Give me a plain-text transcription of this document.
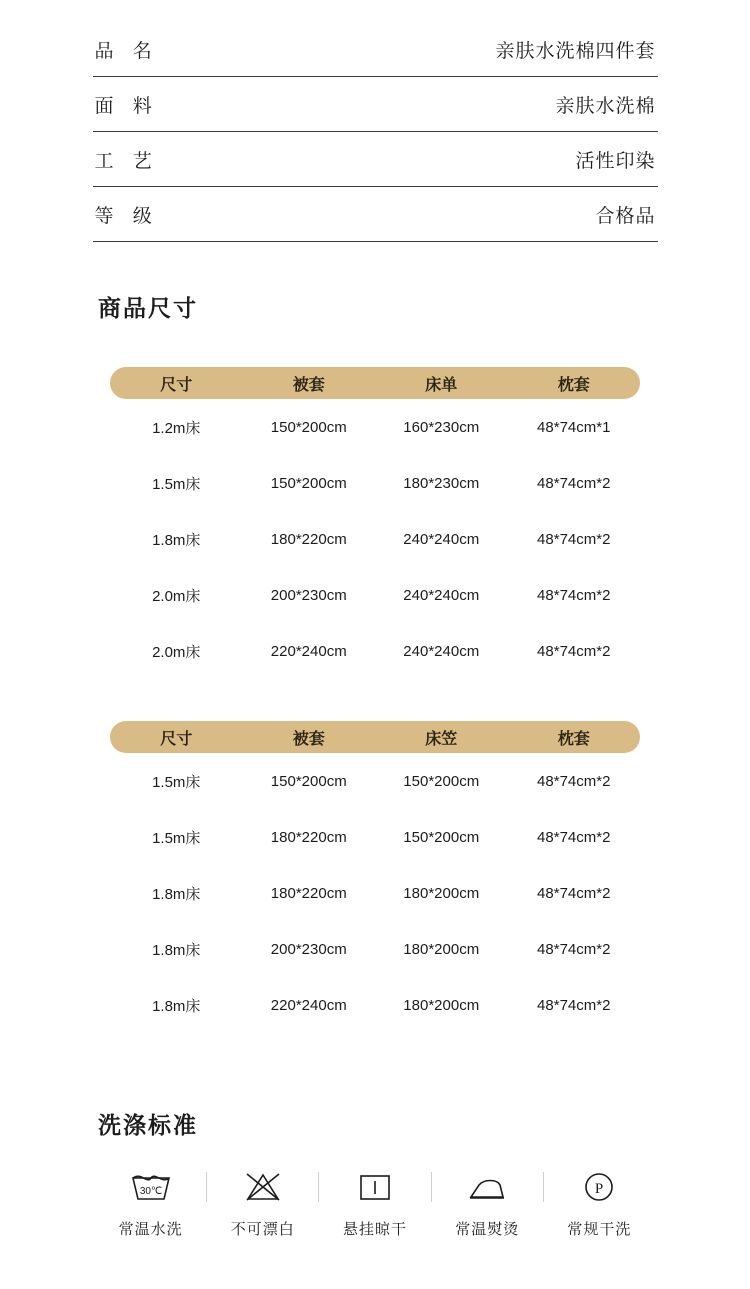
品 名	亲肤水洗棉四件套
面 料	亲肤水洗棉
工 艺	活性印染
等 级	合格品
商品尺寸
尺寸	被套	床单	枕套
1.2m床	150*200cm	160*230cm	48*74cm*1
1.5m床	150*200cm	180*230cm	48*74cm*2
1.8m床	180*220cm	240*240cm	48*74cm*2
2.0m床	200*230cm	240*240cm	48*74cm*2
2.0m床	220*240cm	240*240cm	48*74cm*2
尺寸	被套	床笠	枕套
1.5m床	150*200cm	150*200cm	48*74cm*2
1.5m床	180*220cm	150*200cm	48*74cm*2
1.8m床	180*220cm	180*200cm	48*74cm*2
1.8m床	200*230cm	180*200cm	48*74cm*2
1.8m床	220*240cm	180*200cm	48*74cm*2
洗涤标准
30℃
常温水洗	不可漂白	悬挂晾干	常温熨烫
P
常规干洗
